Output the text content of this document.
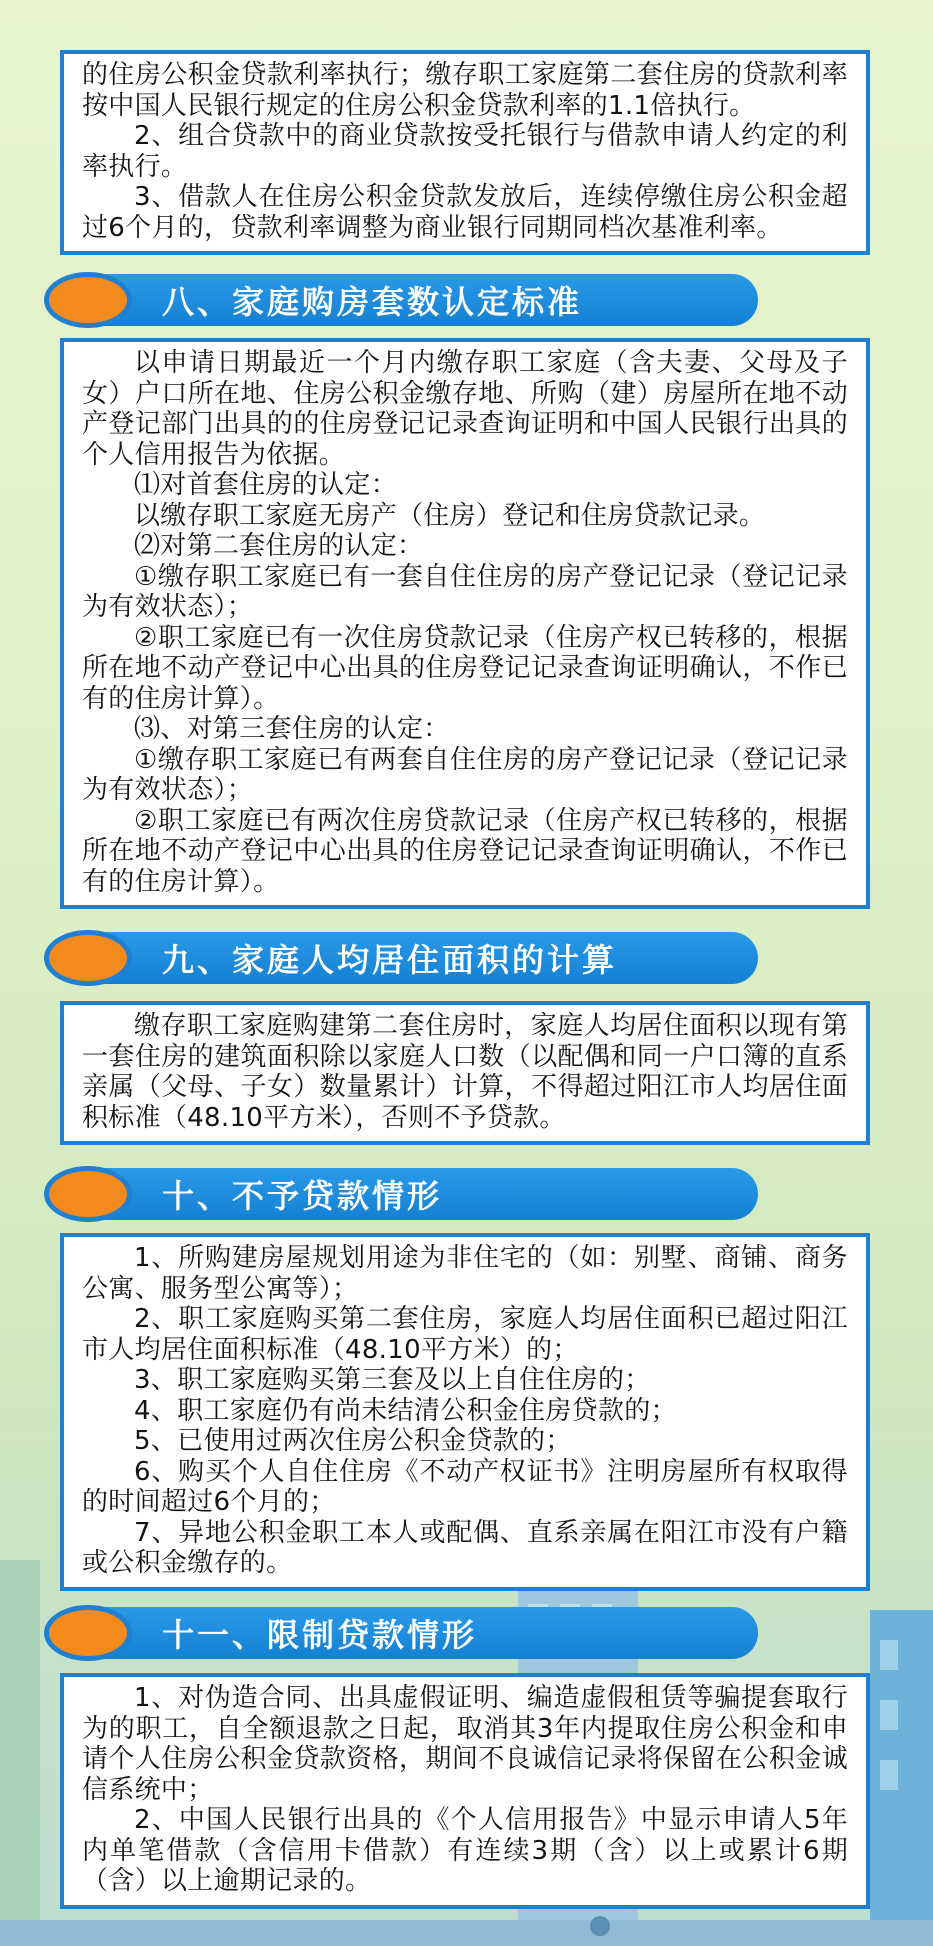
的住房公积金贷款利率执行；缴存职工家庭第二套住房的贷款利率按中国人民银行规定的住房公积金贷款利率的1.1倍执行。

2、组合贷款中的商业贷款按受托银行与借款申请人约定的利率执行。

3、借款人在住房公积金贷款发放后，连续停缴住房公积金超过6个月的，贷款利率调整为商业银行同期同档次基准利率。

八、家庭购房套数认定标准

以申请日期最近一个月内缴存职工家庭（含夫妻、父母及子女）户口所在地、住房公积金缴存地、所购（建）房屋所在地不动产登记部门出具的的住房登记记录查询证明和中国人民银行出具的个人信用报告为依据。

⑴对首套住房的认定：

以缴存职工家庭无房产（住房）登记和住房贷款记录。

⑵对第二套住房的认定：

①缴存职工家庭已有一套自住住房的房产登记记录（登记记录为有效状态）；

②职工家庭已有一次住房贷款记录（住房产权已转移的，根据所在地不动产登记中心出具的住房登记记录查询证明确认，不作已有的住房计算）。

⑶、对第三套住房的认定：

①缴存职工家庭已有两套自住住房的房产登记记录（登记记录为有效状态）；

②职工家庭已有两次住房贷款记录（住房产权已转移的，根据所在地不动产登记中心出具的住房登记记录查询证明确认，不作已有的住房计算）。

九、家庭人均居住面积的计算

缴存职工家庭购建第二套住房时，家庭人均居住面积以现有第一套住房的建筑面积除以家庭人口数（以配偶和同一户口簿的直系亲属（父母、子女）数量累计）计算，不得超过阳江市人均居住面积标准（48.10平方米），否则不予贷款。

十、不予贷款情形

1、所购建房屋规划用途为非住宅的（如：别墅、商铺、商务公寓、服务型公寓等）；

2、职工家庭购买第二套住房，家庭人均居住面积已超过阳江市人均居住面积标准（48.10平方米）的；

3、职工家庭购买第三套及以上自住住房的；

4、职工家庭仍有尚未结清公积金住房贷款的；

5、已使用过两次住房公积金贷款的；

6、购买个人自住住房《不动产权证书》注明房屋所有权取得的时间超过6个月的；

7、异地公积金职工本人或配偶、直系亲属在阳江市没有户籍或公积金缴存的。

十一、限制贷款情形

1、对伪造合同、出具虚假证明、编造虚假租赁等骗提套取行为的职工，自全额退款之日起，取消其3年内提取住房公积金和申请个人住房公积金贷款资格，期间不良诚信记录将保留在公积金诚信系统中；

2、中国人民银行出具的《个人信用报告》中显示申请人5年内单笔借款（含信用卡借款）有连续3期（含）以上或累计6期（含）以上逾期记录的。
